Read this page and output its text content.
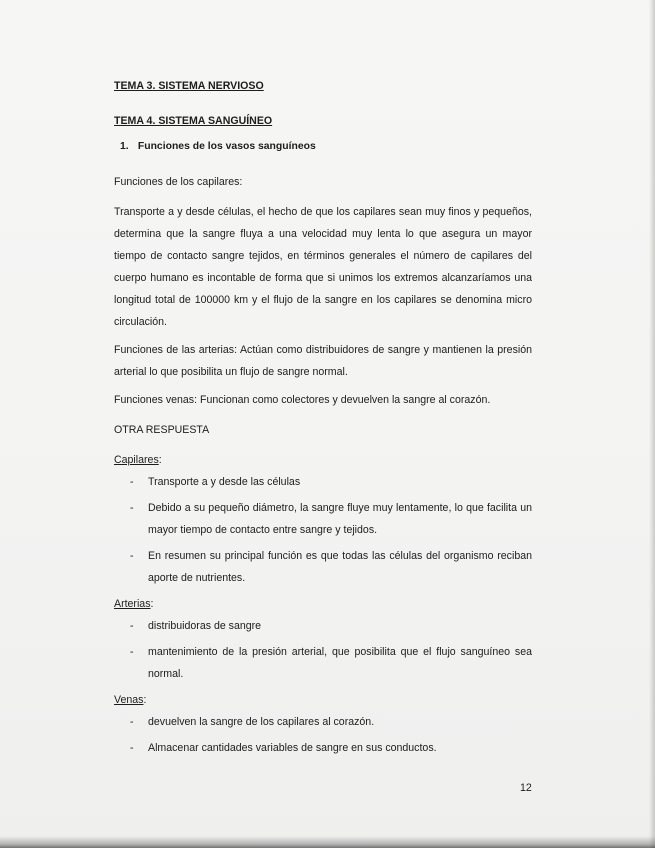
TEMA 3. SISTEMA NERVIOSO
TEMA 4. SISTEMA SANGUÍNEO
1. Funciones de los vasos sanguíneos

Funciones de los capilares:

Transporte a y desde células, el hecho de que los capilares sean muy finos y pequeños, determina que la sangre fluya a una velocidad muy lenta lo que asegura un mayor tiempo de contacto sangre tejidos, en términos generales el número de capilares del cuerpo humano es incontable de forma que si unimos los extremos alcanzaríamos una longitud total de 100000 km y el flujo de la sangre en los capilares se denomina micro circulación.

Funciones de las arterias: Actúan como distribuidores de sangre y mantienen la presión arterial lo que posibilita un flujo de sangre normal.

Funciones venas: Funcionan como colectores y devuelven la sangre al corazón.

OTRA RESPUESTA

Capilares:
- Transporte a y desde las células
- Debido a su pequeño diámetro, la sangre fluye muy lentamente, lo que facilita un mayor tiempo de contacto entre sangre y tejidos.
- En resumen su principal función es que todas las células del organismo reciban aporte de nutrientes.
Arterias:
- distribuidoras de sangre
- mantenimiento de la presión arterial, que posibilita que el flujo sanguíneo sea normal.
Venas:
- devuelven la sangre de los capilares al corazón.
- Almacenar cantidades variables de sangre en sus conductos.
12
